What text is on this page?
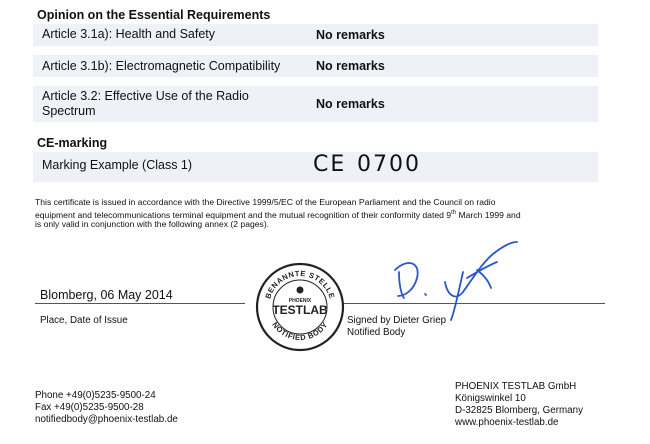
Opinion on the Essential Requirements
Article 3.1a): Health and Safety	No remarks
Article 3.1b): Electromagnetic Compatibility	No remarks
Article 3.2: Effective Use of the Radio
Spectrum	No remarks
CE-marking
Marking Example (Class 1)	CE 0700
This certificate is issued in accordance with the Directive 1999/5/EC of the European Parliament and the Council on radio
equipment and telecommunications terminal equipment and the mutual recognition of their conformity dated 9th March 1999 and
is only valid in conjunction with the following annex (2 pages).
Blomberg, 06 May 2014
Place, Date of Issue	Signed by Dieter Griep
Notified Body
BENANNTE STELLE
NOTIFIED BODY
PHOENIX
TESTLAB
Phone +49(0)5235-9500-24
Fax +49(0)5235-9500-28
notifiedbody@phoenix-testlab.de
PHOENIX TESTLAB GmbH
Königswinkel 10
D-32825 Blomberg, Germany
www.phoenix-testlab.de
